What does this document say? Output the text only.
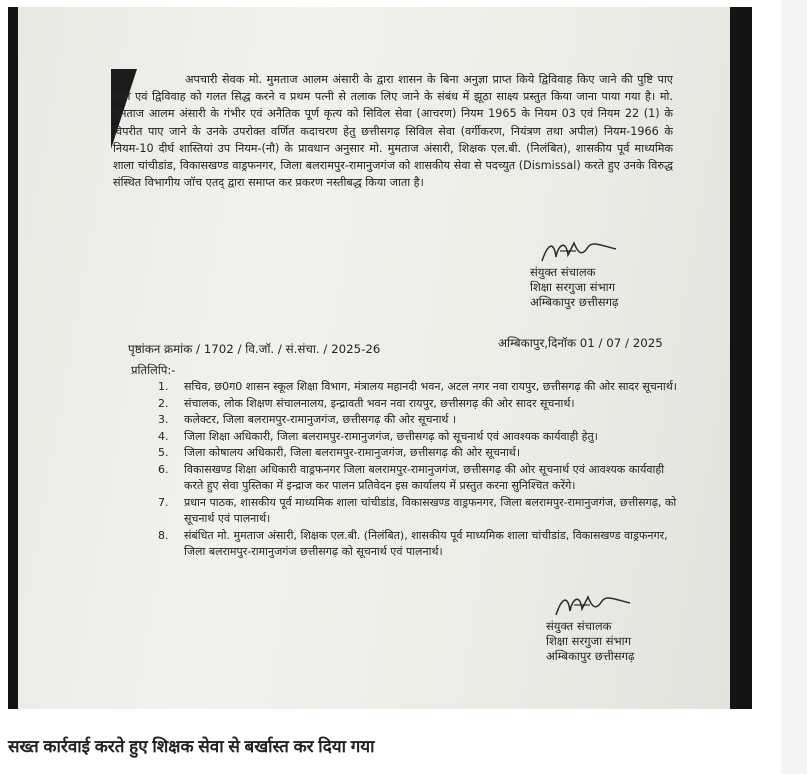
अपचारी सेवक मो. मुमताज आलम अंसारी के द्वारा शासन के बिना अनुज्ञा प्राप्त किये द्विविवाह किए जाने की पुष्टि पाए जाने एवं द्विविवाह को गलत सिद्ध करने व प्रथम पत्नी से तलाक लिए जाने के संबंध में झूठा साक्ष्य प्रस्तुत किया जाना पाया गया है। मो. मुमताज आलम अंसारी के गंभीर एवं अनैतिक पूर्ण कृत्य को सिविल सेवा (आचरण) नियम 1965 के नियम 03 एवं नियम 22 (1) के विपरीत पाए जाने के उनके उपरोक्त वर्णित कदाचरण हेतु छत्तीसगढ़ सिविल सेवा (वर्गीकरण, नियंत्रण तथा अपील) नियम-1966 के नियम-10 दीर्घ शास्तियां उप नियम-(नौ) के प्रावधान अनुसार मो. मुमताज अंसारी, शिक्षक एल.बी. (निलंबित), शासकीय पूर्व माध्यमिक शाला चांचीडांड, विकासखण्ड वाड्रफनगर, जिला बलरामपुर-रामानुजगंज को शासकीय सेवा से पदच्युत (Dismissal) करते हुए उनके विरुद्ध संस्थित विभागीय जॉच एतद् द्वारा समाप्त कर प्रकरण नस्तीबद्ध किया जाता है।

संयुक्त संचालक
शिक्षा सरगुजा संभाग
अम्बिकापुर छत्तीसगढ़
पृष्ठांकन क्रमांक / 1702 / वि.जॉ. / सं.संचा. / 2025-26	अम्बिकापुर,दिनॉक 01 / 07 / 2025
प्रतिलिपि:-
1. सचिव, छ0ग0 शासन स्कूल शिक्षा विभाग, मंत्रालय महानदी भवन, अटल नगर नवा रायपुर, छत्तीसगढ़ की ओर सादर सूचनार्थ।
2. संचालक, लोक शिक्षण संचालनालय, इन्द्रावती भवन नवा रायपुर, छत्तीसगढ़ की ओर सादर सूचनार्थ।
3. कलेक्टर, जिला बलरामपुर-रामानुजगंज, छत्तीसगढ़ की ओर सूचनार्थ ।
4. जिला शिक्षा अधिकारी, जिला बलरामपुर-रामानुजगंज, छत्तीसगढ़ को सूचनार्थ एवं आवश्यक कार्यवाही हेतु।
5. जिला कोषालय अधिकारी, जिला बलरामपुर-रामानुजगंज, छत्तीसगढ़ की ओर सूचनार्थ।
6. विकासखण्ड शिक्षा अधिकारी वाड्रफनगर जिला बलरामपुर-रामानुजगंज, छत्तीसगढ़ की ओर सूचनार्थ एवं आवश्यक कार्यवाही करते हुए सेवा पुस्तिका में इन्द्राज कर पालन प्रतिवेदन इस कार्यालय में प्रस्तुत करना सुनिश्चित करेंगे।
7. प्रधान पाठक, शासकीय पूर्व माध्यमिक शाला चांचीडांड, विकासखण्ड वाड्रफनगर, जिला बलरामपुर-रामानुजगंज, छत्तीसगढ़, को सूचनार्थ एवं पालनार्थ।
8. संबंधित मो. मुमताज अंसारी, शिक्षक एल.बी. (निलंबित), शासकीय पूर्व माध्यमिक शाला चांचीडांड, विकासखण्ड वाड्रफनगर, जिला बलरामपुर-रामानुजगंज छत्तीसगढ़ को सूचनार्थ एवं पालनार्थ।
संयुक्त संचालक
शिक्षा सरगुजा संभाग
अम्बिकापुर छत्तीसगढ़

सख्त कार्रवाई करते हुए शिक्षक सेवा से बर्खास्त कर दिया गया
